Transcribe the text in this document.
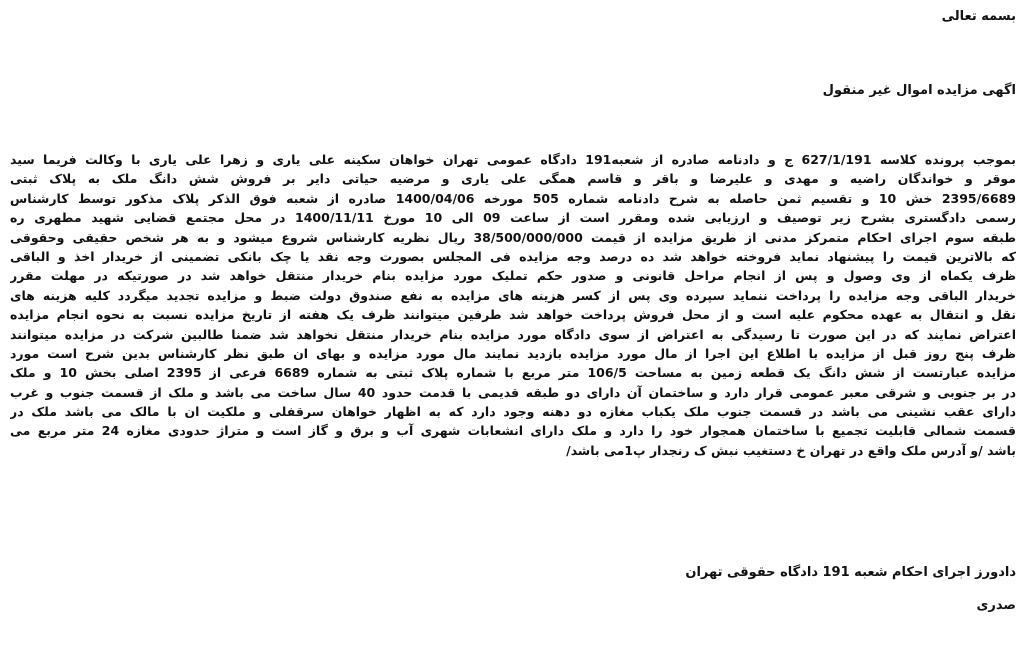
بسمه تعالی

اگهی مزایده اموال غیر منقول

بموجب پرونده کلاسه 627/1/191 ج و دادنامه صادره از شعبه191 دادگاه عمومی تهران خواهان سکینه علی یاری و زهرا علی یاری با وکالت فریما سید
موقر و خواندگان راضیه و مهدی و علیرضا و باقر و قاسم همگی علی یاری و مرضیه حیاتی دایر بر فروش شش دانگ ملک به پلاک ثبتی
2395/6689 خش 10 و تقسیم ثمن حاصله به شرح دادنامه شماره 505 مورخه 1400/04/06 صادره از شعبه فوق الذکر پلاک مذکور توسط کارشناس
رسمی دادگستری بشرح زیر توصیف و ارزیابی شده ومقرر است از ساعت 09 الی 10 مورخ 1400/11/11 در محل مجتمع قضایی شهید مطهری ره
طبقه سوم اجرای احکام متمرکز مدنی از طریق مزایده از قیمت 38/500/000/000 ریال نظریه کارشناس شروع میشود و به هر شخص حقیقی وحقوقی
که بالاترین قیمت را پیشنهاد نماید فروخته خواهد شد ده درصد وجه مزایده فی المجلس بصورت وجه نقد یا چک بانکی تضمینی از خریدار اخذ و الباقی
ظرف یکماه از وی وصول و پس از انجام مراحل قانونی و صدور حکم تملیک مورد مزایده بنام خریدار منتقل خواهد شد در صورتیکه در مهلت مقرر
خریدار الباقی وجه مزایده را پرداخت ننماید سپرده وی پس از کسر هزینه های مزایده به نفع صندوق دولت ضبط و مزایده تجدید میگردد کلیه هزینه های
نقل و انتقال به عهده محکوم علیه است و از محل فروش پرداخت خواهد شد طرفین میتوانند ظرف یک هفته از تاریخ مزایده نسبت به نحوه انجام مزایده
اعتراض نمایند که در این صورت تا رسیدگی به اعتراض از سوی دادگاه مورد مزایده بنام خریدار منتقل نخواهد شد ضمنا طالبین شرکت در مزایده میتوانند
ظرف پنج روز قبل از مزایده با اطلاع این اجرا از مال مورد مزایده بازدید نمایند مال مورد مزایده و بهای ان طبق نظر کارشناس بدین شرح است مورد
مزایده عبارتست از شش دانگ یک قطعه زمین به مساحت 106/5 متر مربع با شماره پلاک ثبتی به شماره 6689 فرعی از 2395 اصلی بخش 10 و ملک
در بر جنوبی و شرقی معبر عمومی قرار دارد و ساختمان آن دارای دو طبقه قدیمی با قدمت حدود 40 سال ساخت می باشد و ملک از قسمت جنوب و غرب
دارای عقب نشینی می باشد در قسمت جنوب ملک یکباب مغازه دو دهنه وجود دارد که به اظهار خواهان سرقفلی و ملکیت ان با مالک می باشد ملک در
قسمت شمالی قابلیت تجمیع با ساختمان همجوار خود را دارد و ملک دارای انشعابات شهری آب و برق و گاز است و متراژ حدودی مغازه 24 متر مربع می
باشد /و آدرس ملک واقع در تهران خ دستغیب نبش ک رنجدار پ1می باشد/

دادورز اجرای احکام شعبه 191 دادگاه حقوقی تهران

صدری
